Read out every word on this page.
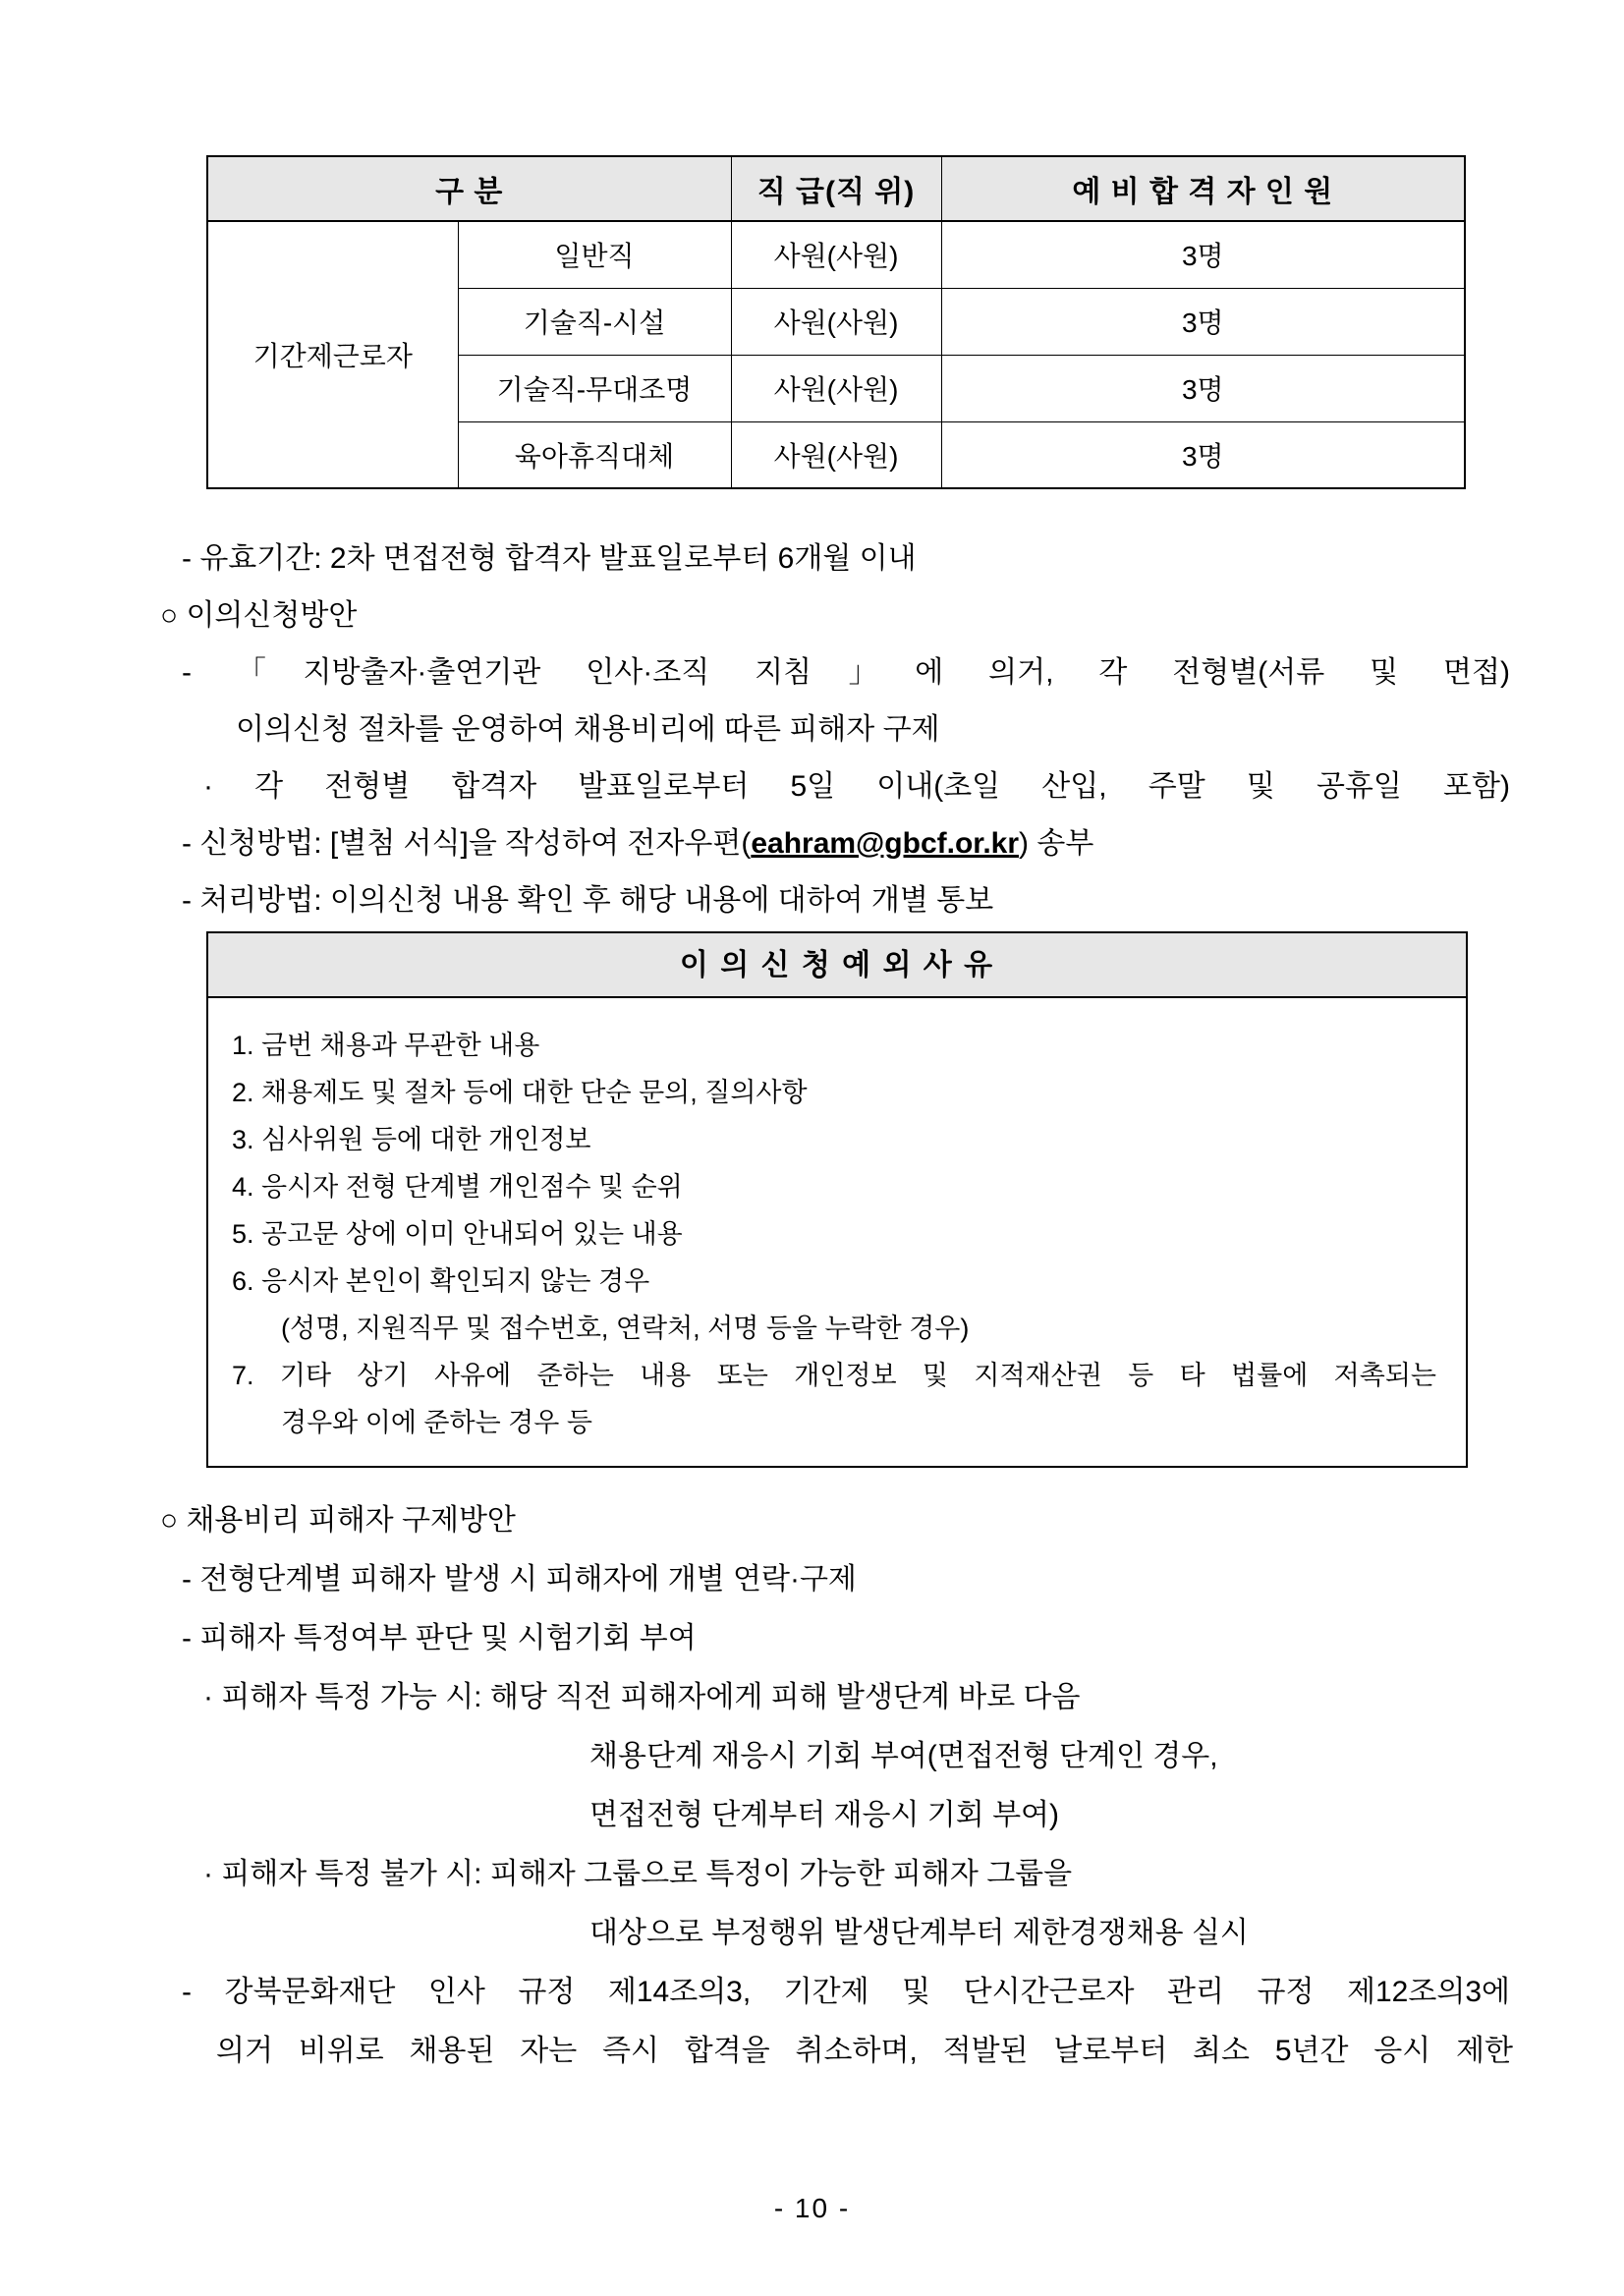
구 분		직 급(직 위)	예 비 합 격 자 인 원
기간제근로자	일반직	사원(사원)	3명
	기술직-시설	사원(사원)	3명
	기술직-무대조명	사원(사원)	3명
	육아휴직대체	사원(사원)	3명

- 유효기간: 2차 면접전형 합격자 발표일로부터 6개월 이내

○ 이의신청방안

- 「지방출자·출연기관 인사·조직 지침」에 의거, 각 전형별(서류 및 면접)

이의신청 절차를 운영하여 채용비리에 따른 피해자 구제

· 각 전형별 합격자 발표일로부터 5일 이내(초일 산입, 주말 및 공휴일 포함)

- 신청방법: [별첨 서식]을 작성하여 전자우편(eahram@gbcf.or.kr) 송부

- 처리방법: 이의신청 내용 확인 후 해당 내용에 대하여 개별 통보

이 의 신 청 예 외 사 유

1. 금번 채용과 무관한 내용

2. 채용제도 및 절차 등에 대한 단순 문의, 질의사항

3. 심사위원 등에 대한 개인정보

4. 응시자 전형 단계별 개인점수 및 순위

5. 공고문 상에 이미 안내되어 있는 내용

6. 응시자 본인이 확인되지 않는 경우

(성명, 지원직무 및 접수번호, 연락처, 서명 등을 누락한 경우)

7. 기타 상기 사유에 준하는 내용 또는 개인정보 및 지적재산권 등 타 법률에 저촉되는

경우와 이에 준하는 경우 등

○ 채용비리 피해자 구제방안

- 전형단계별 피해자 발생 시 피해자에 개별 연락·구제

- 피해자 특정여부 판단 및 시험기회 부여

· 피해자 특정 가능 시: 해당 직전 피해자에게 피해 발생단계 바로 다음

채용단계 재응시 기회 부여(면접전형 단계인 경우,

면접전형 단계부터 재응시 기회 부여)

· 피해자 특정 불가 시: 피해자 그룹으로 특정이 가능한 피해자 그룹을

대상으로 부정행위 발생단계부터 제한경쟁채용 실시

- 강북문화재단 인사 규정 제14조의3, 기간제 및 단시간근로자 관리 규정 제12조의3에

의거 비위로 채용된 자는 즉시 합격을 취소하며, 적발된 날로부터 최소 5년간 응시 제한

- 10 -
